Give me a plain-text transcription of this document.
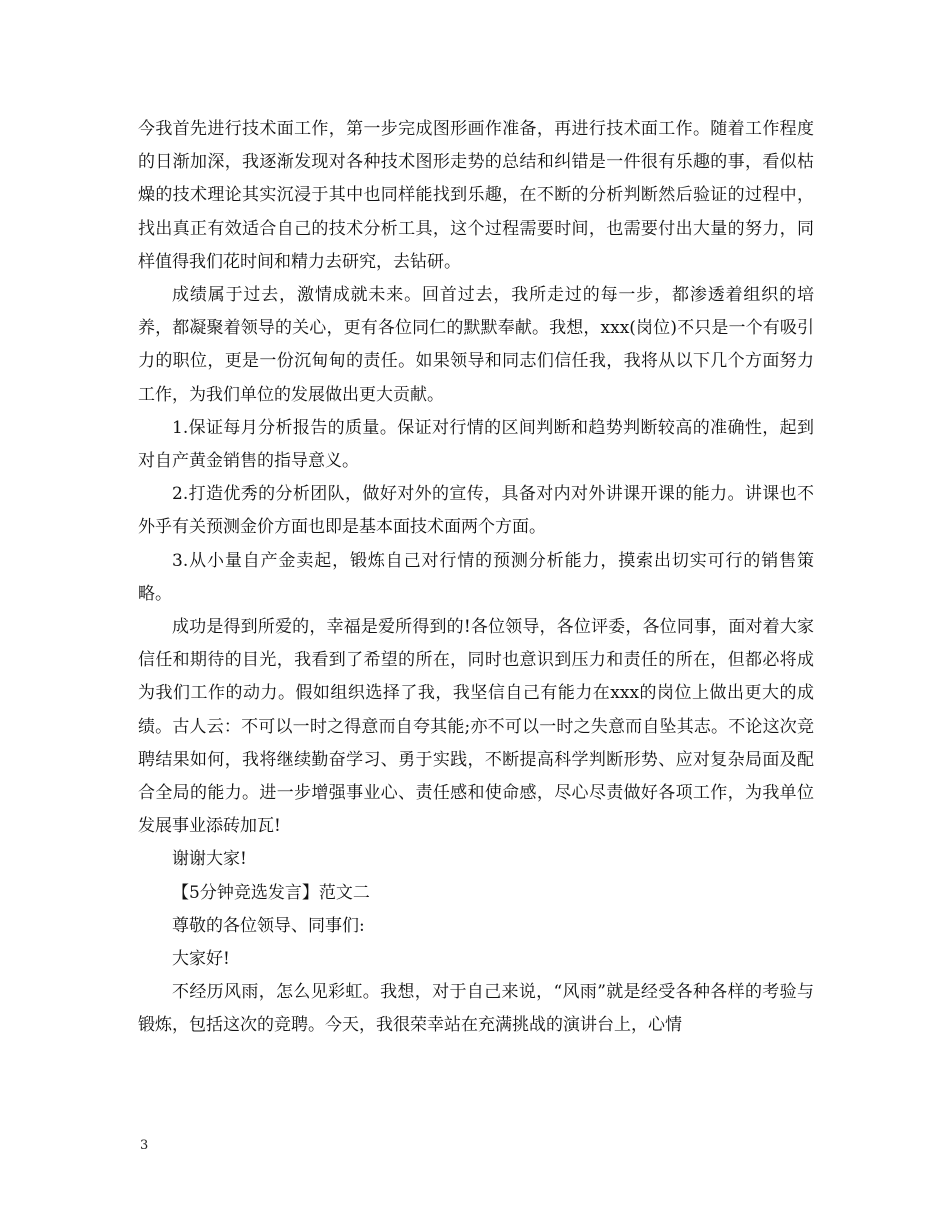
今我首先进行技术面工作，第一步完成图形画作准备，再进行技术面工作。随着工作程度的日渐加深，我逐渐发现对各种技术图形走势的总结和纠错是一件很有乐趣的事，看似枯燥的技术理论其实沉浸于其中也同样能找到乐趣，在不断的分析判断然后验证的过程中，找出真正有效适合自己的技术分析工具，这个过程需要时间，也需要付出大量的努力，同样值得我们花时间和精力去研究，去钻研。

成绩属于过去，激情成就未来。回首过去，我所走过的每一步，都渗透着组织的培养，都凝聚着领导的关心，更有各位同仁的默默奉献。我想，xxx(岗位)不只是一个有吸引力的职位，更是一份沉甸甸的责任。如果领导和同志们信任我，我将从以下几个方面努力工作，为我们单位的发展做出更大贡献。

1.保证每月分析报告的质量。保证对行情的区间判断和趋势判断较高的准确性，起到对自产黄金销售的指导意义。

2.打造优秀的分析团队，做好对外的宣传，具备对内对外讲课开课的能力。讲课也不外乎有关预测金价方面也即是基本面技术面两个方面。

3.从小量自产金卖起，锻炼自己对行情的预测分析能力，摸索出切实可行的销售策略。

成功是得到所爱的，幸福是爱所得到的!各位领导，各位评委，各位同事，面对着大家信任和期待的目光，我看到了希望的所在，同时也意识到压力和责任的所在，但都必将成为我们工作的动力。假如组织选择了我，我坚信自己有能力在xxx的岗位上做出更大的成绩。古人云：不可以一时之得意而自夸其能;亦不可以一时之失意而自坠其志。不论这次竞聘结果如何，我将继续勤奋学习、勇于实践，不断提高科学判断形势、应对复杂局面及配合全局的能力。进一步增强事业心、责任感和使命感，尽心尽责做好各项工作，为我单位发展事业添砖加瓦!

谢谢大家!

【5分钟竞选发言】范文二

尊敬的各位领导、同事们:

大家好!

不经历风雨，怎么见彩虹。我想，对于自己来说，“风雨”就是经受各种各样的考验与锻炼，包括这次的竞聘。今天，我很荣幸站在充满挑战的演讲台上，心情

3
